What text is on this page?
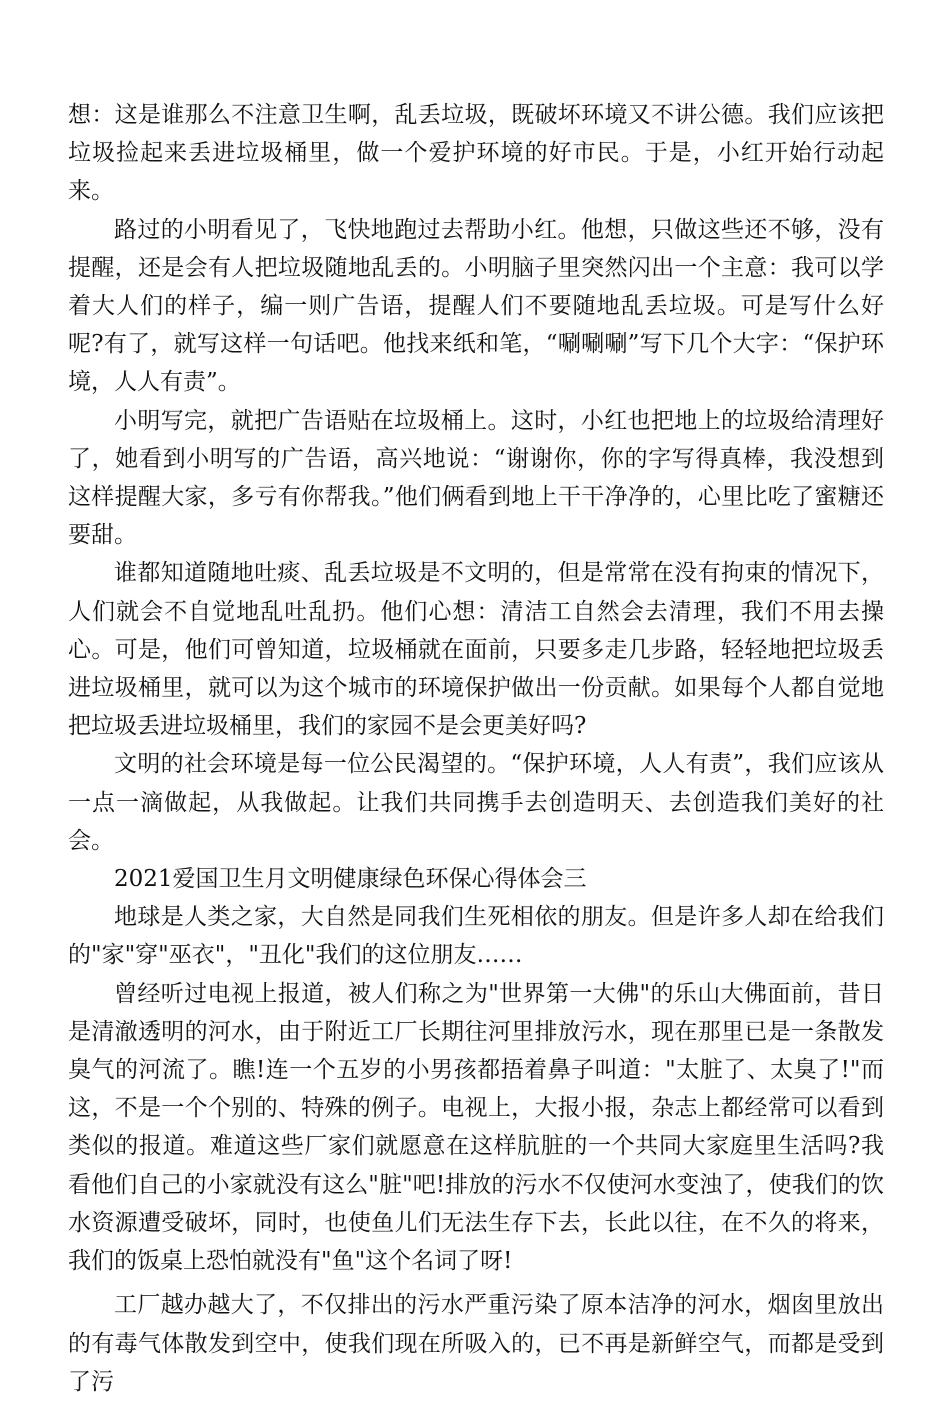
想：这是谁那么不注意卫生啊，乱丢垃圾，既破坏环境又不讲公德。我们应该把垃圾捡起来丢进垃圾桶里，做一个爱护环境的好市民。于是，小红开始行动起来。

路过的小明看见了，飞快地跑过去帮助小红。他想，只做这些还不够，没有提醒，还是会有人把垃圾随地乱丢的。小明脑子里突然闪出一个主意：我可以学着大人们的样子，编一则广告语，提醒人们不要随地乱丢垃圾。可是写什么好呢?有了，就写这样一句话吧。他找来纸和笔，“唰唰唰”写下几个大字：“保护环境，人人有责”。

小明写完，就把广告语贴在垃圾桶上。这时，小红也把地上的垃圾给清理好了，她看到小明写的广告语，高兴地说：“谢谢你，你的字写得真棒，我没想到这样提醒大家，多亏有你帮我。”他们俩看到地上干干净净的，心里比吃了蜜糖还要甜。

谁都知道随地吐痰、乱丢垃圾是不文明的，但是常常在没有拘束的情况下，人们就会不自觉地乱吐乱扔。他们心想：清洁工自然会去清理，我们不用去操心。可是，他们可曾知道，垃圾桶就在面前，只要多走几步路，轻轻地把垃圾丢进垃圾桶里，就可以为这个城市的环境保护做出一份贡献。如果每个人都自觉地把垃圾丢进垃圾桶里，我们的家园不是会更美好吗?

文明的社会环境是每一位公民渴望的。“保护环境，人人有责”，我们应该从一点一滴做起，从我做起。让我们共同携手去创造明天、去创造我们美好的社会。

2021爱国卫生月文明健康绿色环保心得体会三

地球是人类之家，大自然是同我们生死相依的朋友。但是许多人却在给我们的"家"穿"巫衣"，"丑化"我们的这位朋友……

曾经听过电视上报道，被人们称之为"世界第一大佛"的乐山大佛面前，昔日是清澈透明的河水，由于附近工厂长期往河里排放污水，现在那里已是一条散发臭气的河流了。瞧!连一个五岁的小男孩都捂着鼻子叫道："太脏了、太臭了!"而这，不是一个个别的、特殊的例子。电视上，大报小报，杂志上都经常可以看到类似的报道。难道这些厂家们就愿意在这样肮脏的一个共同大家庭里生活吗?我看他们自己的小家就没有这么"脏"吧!排放的污水不仅使河水变浊了，使我们的饮水资源遭受破坏，同时，也使鱼儿们无法生存下去，长此以往，在不久的将来，我们的饭桌上恐怕就没有"鱼"这个名词了呀!

工厂越办越大了，不仅排出的污水严重污染了原本洁净的河水，烟囱里放出的有毒气体散发到空中，使我们现在所吸入的，已不再是新鲜空气，而都是受到了污
